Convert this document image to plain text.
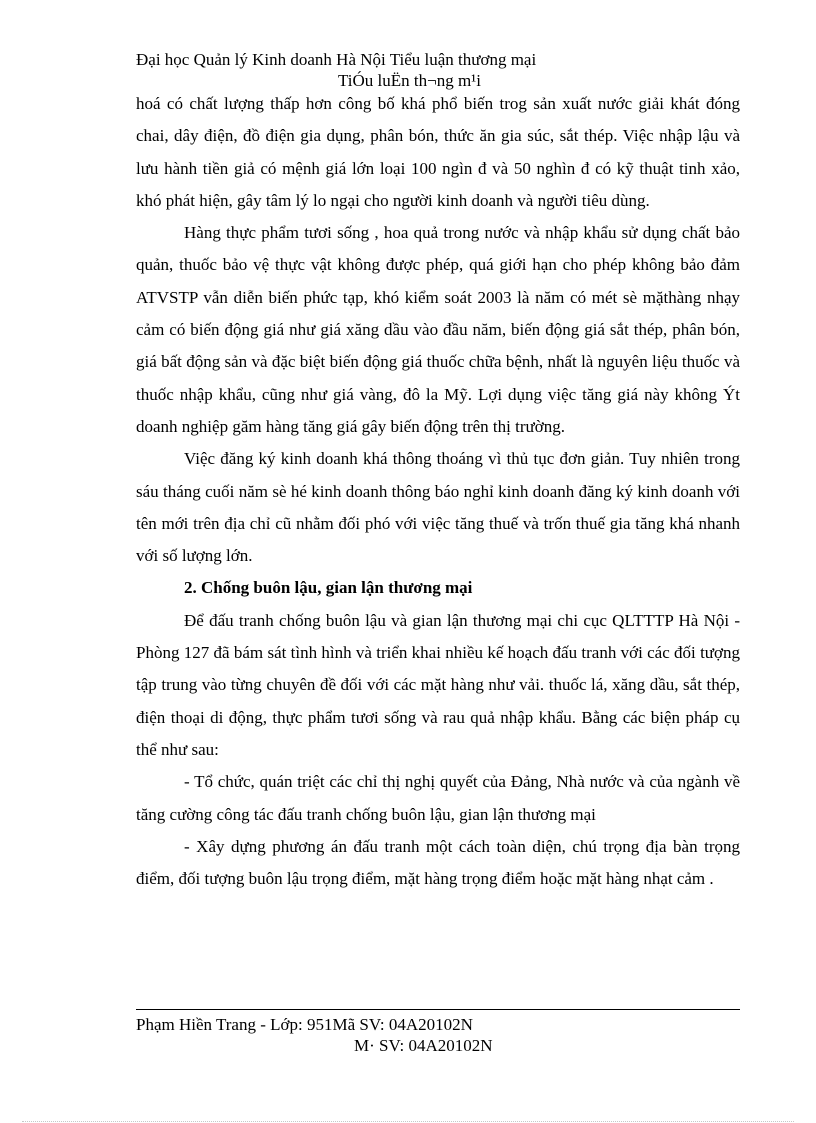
Đại học Quản lý Kinh doanh Hà Nội Tiểu luận thương mại
TiÓu luËn th¬ng m¹i

hoá có chất lượng thấp hơn công bố khá phổ biến trog sản xuất nước giải khát đóng chai, dây điện, đồ điện gia dụng, phân bón, thức ăn gia súc, sắt thép. Việc nhập lậu và lưu hành tiền giả có mệnh giá lớn loại 100 ngìn đ và 50 nghìn đ có kỹ thuật tinh xảo, khó phát hiện, gây tâm lý lo ngại cho người kinh doanh và người tiêu dùng.

Hàng thực phẩm tươi sống , hoa quả trong nước và nhập khẩu sử dụng chất bảo quản, thuốc bảo vệ thực vật không được phép, quá giới hạn cho phép không bảo đảm ATVSTP vẫn diễn biến phức tạp, khó kiểm soát 2003 là năm có mét sè mặthàng nhạy cảm có biến động giá như giá xăng dầu vào đầu năm, biến động giá sắt thép, phân bón, giá bất động sản và đặc biệt biến động giá thuốc chữa bệnh, nhất là nguyên liệu thuốc và thuốc nhập khẩu, cũng như giá vàng, đô la Mỹ. Lợi dụng việc tăng giá này không Ýt doanh nghiệp găm hàng tăng giá gây biến động trên thị trường.

Việc đăng ký kinh doanh khá thông thoáng vì thủ tục đơn giản. Tuy nhiên trong sáu tháng cuối năm sè hé kinh doanh thông báo nghỉ kinh doanh đăng ký kinh doanh với tên mới trên địa chỉ cũ nhằm đối phó với việc tăng thuế và trốn thuế gia tăng khá nhanh với số lượng lớn.

2. Chống buôn lậu, gian lận thương mại

Để đấu tranh chống buôn lậu và gian lận thương mại chi cục QLTTTP Hà Nội - Phòng 127 đã bám sát tình hình và triển khai nhiều kế hoạch đấu tranh với các đối tượng tập trung vào từng chuyên đề đối với các mặt hàng như vải. thuốc lá, xăng dầu, sắt thép, điện thoại di động, thực phẩm tươi sống và rau quả nhập khẩu. Bằng các biện pháp cụ thể như sau:

- Tổ chức, quán triệt các chỉ thị nghị quyết của Đảng, Nhà nước và của ngành về tăng cường công tác đấu tranh chống buôn lậu, gian lận thương mại

- Xây dựng phương án đấu tranh một cách toàn diện, chú trọng địa bàn trọng điểm, đối tượng buôn lậu trọng điểm, mặt hàng trọng điểm hoặc mặt hàng nhạt cảm .

Phạm Hiền Trang - Lớp: 951Mã SV: 04A20102N
M· SV: 04A20102N
